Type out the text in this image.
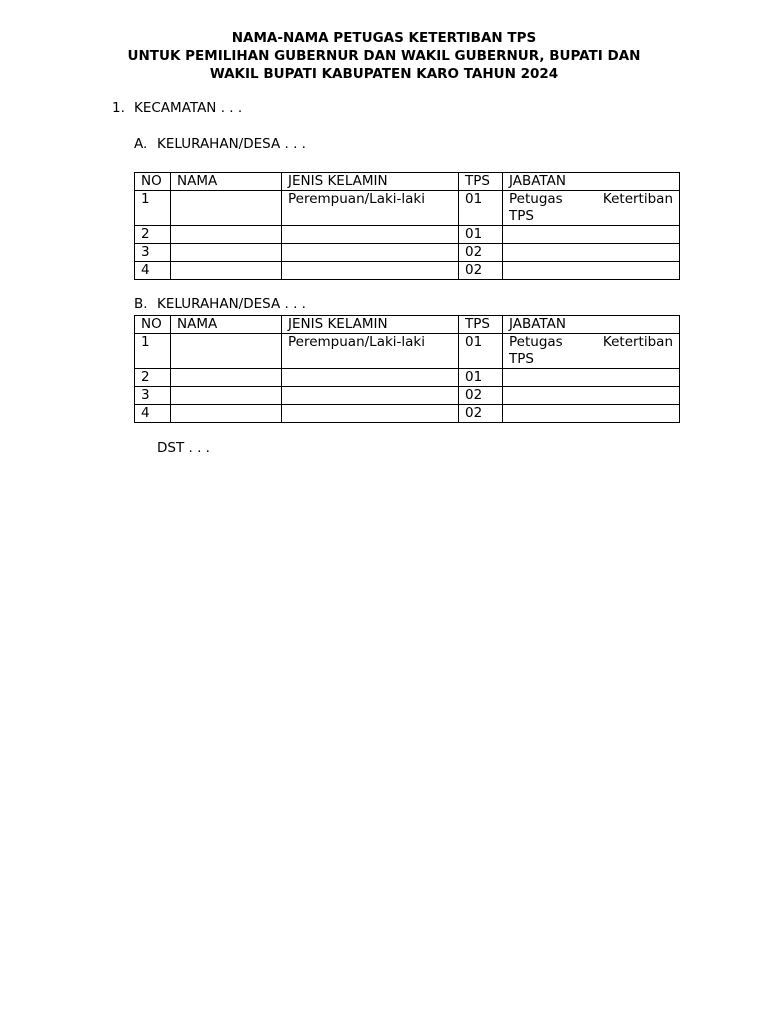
NAMA-NAMA PETUGAS KETERTIBAN TPS
UNTUK PEMILIHAN GUBERNUR DAN WAKIL GUBERNUR, BUPATI DAN
WAKIL BUPATI KABUPATEN KARO TAHUN 2024
1. KECAMATAN . . .
A. KELURAHAN/DESA . . .
NO	NAMA	JENIS KELAMIN	TPS	JABATAN
1		Perempuan/Laki-laki	01	Petugas Ketertiban
TPS

2			01	
3			02	
4			02	
B. KELURAHAN/DESA . . .
NO	NAMA	JENIS KELAMIN	TPS	JABATAN
1		Perempuan/Laki-laki	01	Petugas Ketertiban
TPS

2			01	
3			02	
4			02	
DST . . .
